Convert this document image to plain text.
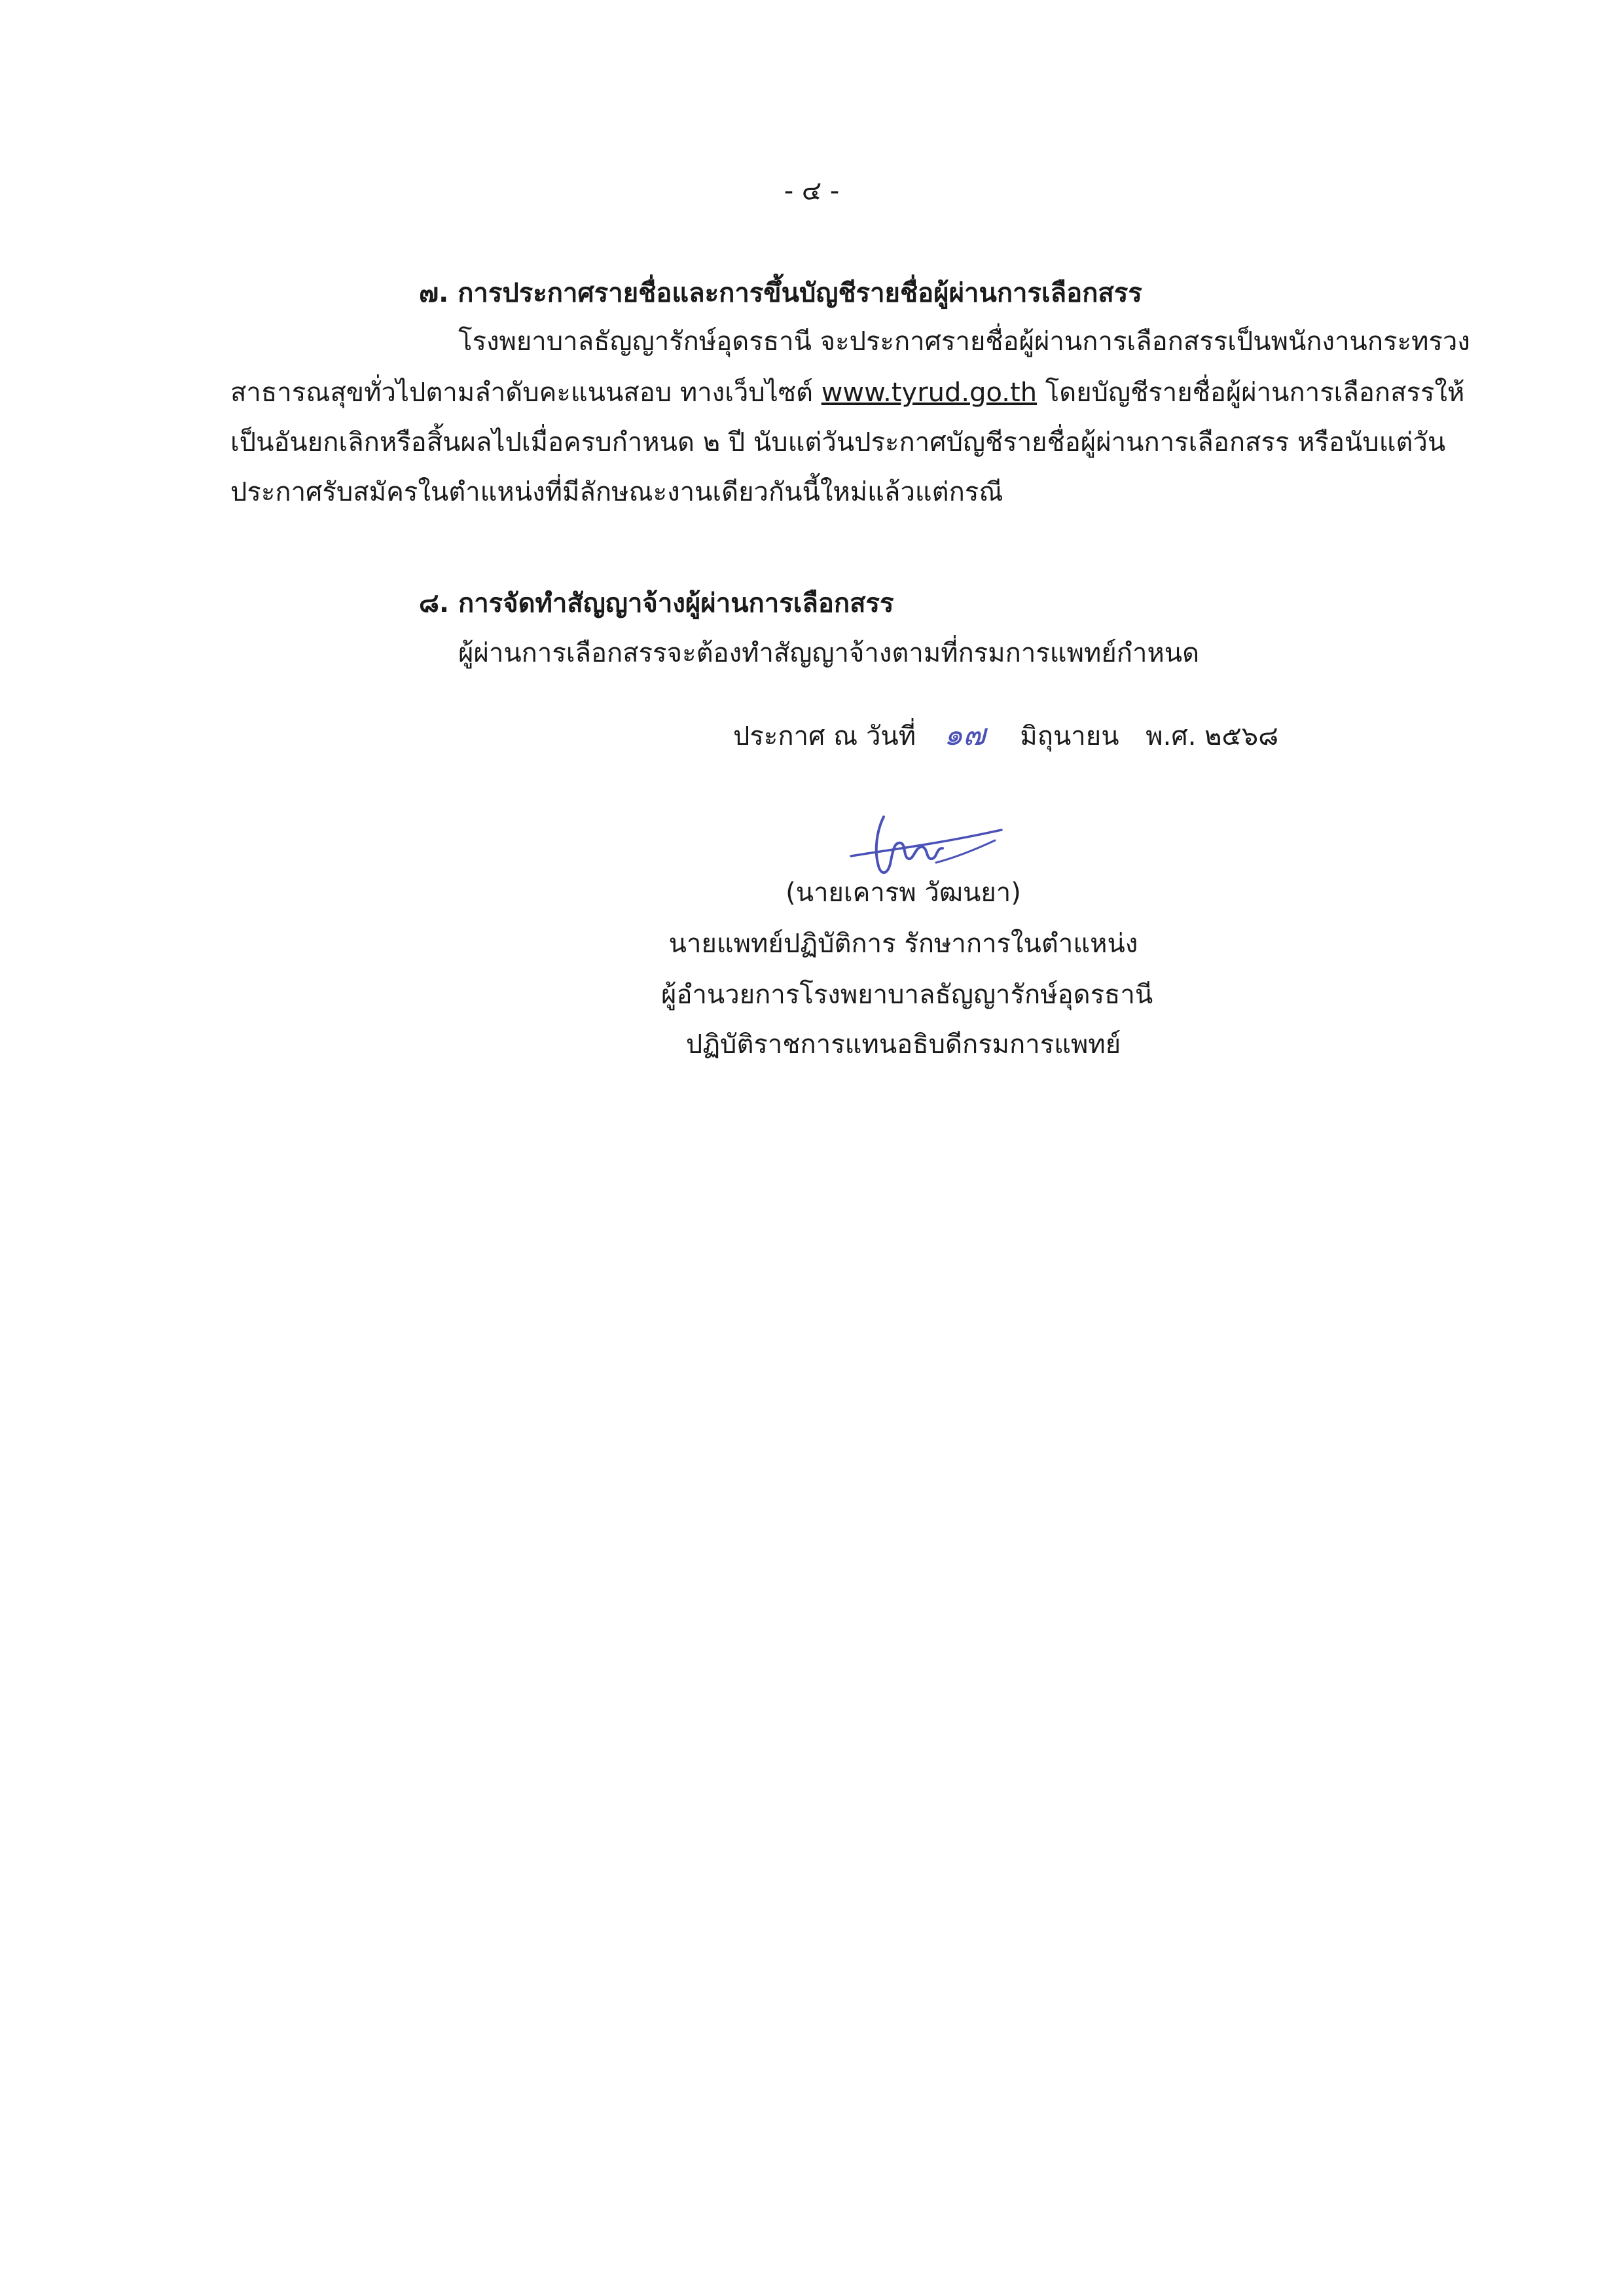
- ๔ -
๗. การประกาศรายชื่อและการขึ้นบัญชีรายชื่อผู้ผ่านการเลือกสรร
โรงพยาบาลธัญญารักษ์อุดรธานี จะประกาศรายชื่อผู้ผ่านการเลือกสรรเป็นพนักงานกระทรวง
สาธารณสุขทั่วไปตามลำดับคะแนนสอบ ทางเว็บไซต์ www.tyrud.go.th โดยบัญชีรายชื่อผู้ผ่านการเลือกสรรให้
เป็นอันยกเลิกหรือสิ้นผลไปเมื่อครบกำหนด ๒ ปี นับแต่วันประกาศบัญชีรายชื่อผู้ผ่านการเลือกสรร หรือนับแต่วัน
ประกาศรับสมัครในตำแหน่งที่มีลักษณะงานเดียวกันนี้ใหม่แล้วแต่กรณี
๘. การจัดทำสัญญาจ้างผู้ผ่านการเลือกสรร
ผู้ผ่านการเลือกสรรจะต้องทำสัญญาจ้างตามที่กรมการแพทย์กำหนด
ประกาศ ณ วันที่ ๑๗ มิถุนายน พ.ศ. ๒๕๖๘
(นายเคารพ วัฒนยา)
นายแพทย์ปฏิบัติการ รักษาการในตำแหน่ง
ผู้อำนวยการโรงพยาบาลธัญญารักษ์อุดรธานี
ปฏิบัติราชการแทนอธิบดีกรมการแพทย์
